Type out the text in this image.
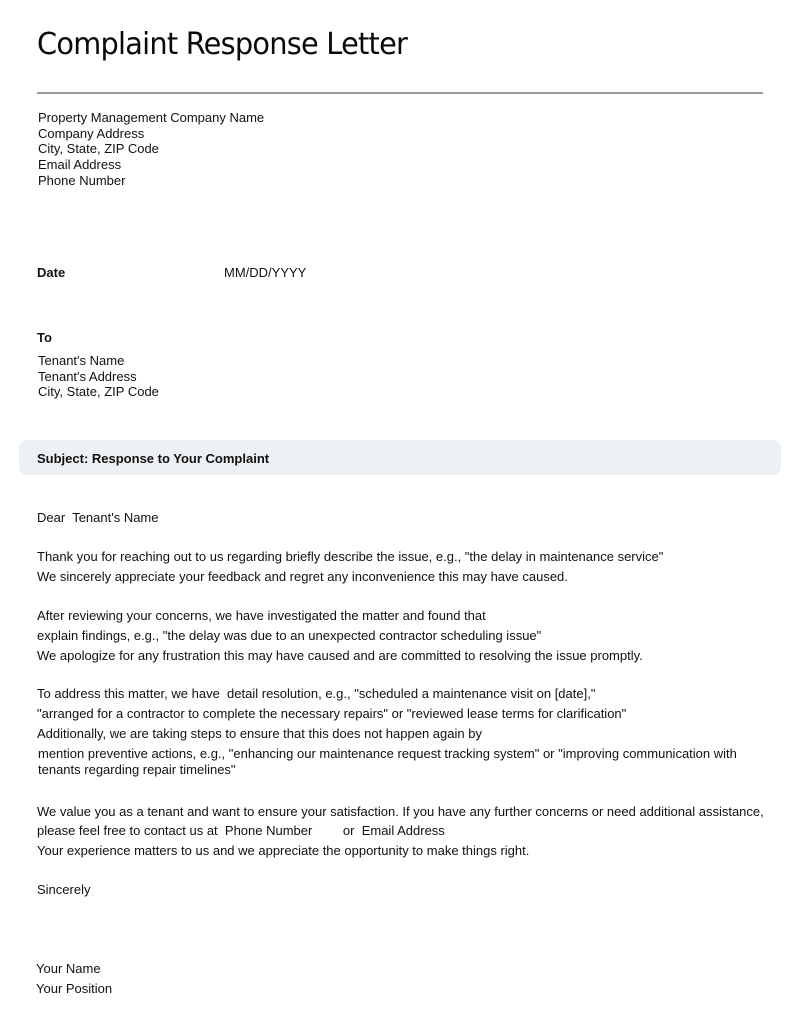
Complaint Response Letter
Property Management Company Name
Company Address
City, State, ZIP Code
Email Address
Phone Number
Date	MM/DD/YYYY
To
Tenant's Name
Tenant's Address
City, State, ZIP Code
Subject: Response to Your Complaint
Dear Tenant's Name
Thank you for reaching out to us regarding briefly describe the issue, e.g., "the delay in maintenance service"
We sincerely appreciate your feedback and regret any inconvenience this may have caused.
After reviewing your concerns, we have investigated the matter and found that
explain findings, e.g., "the delay was due to an unexpected contractor scheduling issue"
We apologize for any frustration this may have caused and are committed to resolving the issue promptly.
To address this matter, we have detail resolution, e.g., "scheduled a maintenance visit on [date],"
"arranged for a contractor to complete the necessary repairs" or "reviewed lease terms for clarification"
Additionally, we are taking steps to ensure that this does not happen again by
mention preventive actions, e.g., "enhancing our maintenance request tracking system" or "improving communication with
tenants regarding repair timelines"
We value you as a tenant and want to ensure your satisfaction. If you have any further concerns or need additional assistance,
please feel free to contact us at Phone Number or Email Address
Your experience matters to us and we appreciate the opportunity to make things right.
Sincerely
Your Name
Your Position
